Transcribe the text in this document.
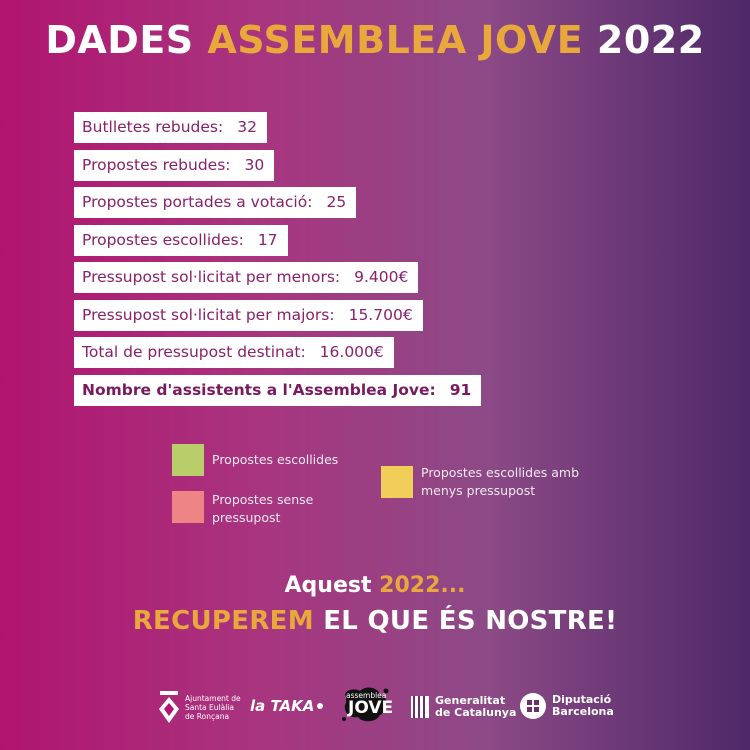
DADES ASSEMBLEA JOVE 2022
Butlletes rebudes: 32
Propostes rebudes: 30
Propostes portades a votació: 25
Propostes escollides: 17
Pressupost sol·licitat per menors: 9.400€
Pressupost sol·licitat per majors: 15.700€
Total de pressupost destinat: 16.000€
Nombre d'assistents a l'Assemblea Jove: 91
Propostes escollides
Propostes sense pressupost
Propostes escollides amb menys pressupost
Aquest 2022...
RECUPEREM EL QUE ÉS NOSTRE!
Ajuntament de
Santa Eulàlia
de Ronçana
la TAKA
assemblea
JOVE	Generalitat
de Catalunya
Diputació
Barcelona
